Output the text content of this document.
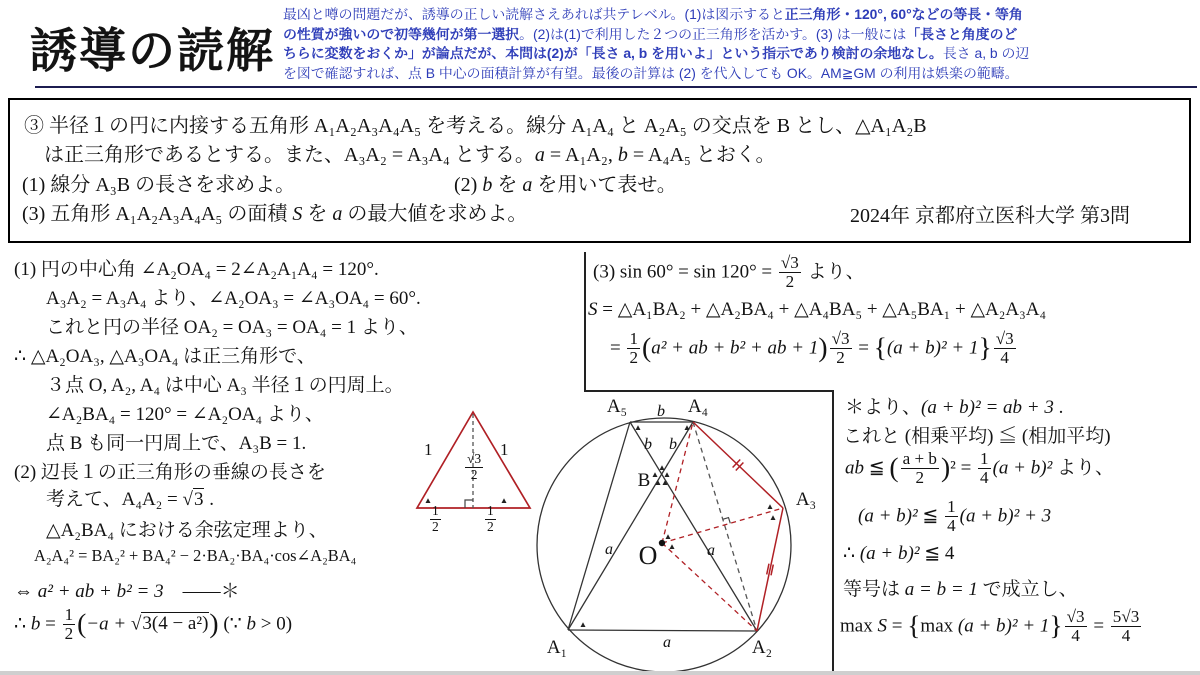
誘導の読解
最凶と噂の問題だが、誘導の正しい読解さえあれば共テレベル。(1)は図示すると正三角形・120°, 60°などの等長・等角
の性質が強いので初等幾何が第一選択。(2)は(1)で利用した２つの正三角形を活かす。(3) は一般には「長さと角度のど
ちらに変数をおくか」が論点だが、本問は(2)が「長さ a, b を用いよ」という指示であり検討の余地なし。長さ a, b の辺
を図で確認すれば、点 B 中心の面積計算が有望。最後の計算は (2) を代入しても OK。AM≧GM の利用は娯楽の範疇。
③ 半径１の円に内接する五角形 A₁A₂A₃A₄A₅ を考える。線分 A₁A₄ と A₂A₅ の交点を B とし、△A₁A₂B
は正三角形であるとする。また、A₃A₂ = A₃A₄ とする。a = A₁A₂, b = A₄A₅ とおく。
(1) 線分 A₃B の長さを求めよ。	(2) b を a を用いて表せ。
(3) 五角形 A₁A₂A₃A₄A₅ の面積 S を a の最大値を求めよ。	2024年 京都府立医科大学 第3問
(1) 円の中心角 ∠A₂OA₄ = 2∠A₂A₁A₄ = 120°.
A₃A₂ = A₃A₄ より、∠A₂OA₃ = ∠A₃OA₄ = 60°.
これと円の半径 OA₂ = OA₃ = OA₄ = 1 より、
∴ △A₂OA₃, △A₃OA₄ は正三角形で、
３点 O, A₂, A₄ は中心 A₃ 半径１の円周上。
∠A₂BA₄ = 120° = ∠A₂OA₄ より、
点 B も同一円周上で、A₃B = 1.
(2) 辺長１の正三角形の垂線の長さを
考えて、A₄A₂ = √3 .
△A₂BA₄ における余弦定理より、
A₂A₄² = BA₂² + BA₄² − 2·BA₂·BA₄·cos∠A₂BA₄
⇔ a² + ab + b² = 3　——＊
∴ $b = \frac{1}{2} (-a + √3(4 - a^2))$ (∵ b > 0)
(3) $\sin 60^\circ = \sin 120^\circ = \frac{√3}{2}$ より、
S = △A₁BA₂ + △A₂BA₄ + △A₄BA₅ + △A₅BA₁ + △A₂A₃A₄
= $\frac{1}{2} (a^2$ + ab + b² + ab + $1) \frac{√3}{2} = \{(a + b)^2 + 1\} \frac{√3}{4}$
＊より、(a + b)² = ab + 3 .
これと (相乗平均) ≦ (相加平均)
ab ≦ ( $\frac{a + b}{2} )^2 = \frac{1}{4} (a + b)^2$ より、
(a + b)² ≦ $\frac{1}{4} (a + b)^2 + 3$
∴ (a + b)² ≦ 4
等号は a = b = 1 で成立し、
max S = {max $(a + b)^2 + 1\} \frac{√3}{4} = \frac{5√3}{4}$
1	1
$\frac{√3}{2}$
$\frac{1}{2}$	$\frac{1}{2}$
A₅	A₄
A₃
A₂
A₁
B
O
b
b b
a	a
a
